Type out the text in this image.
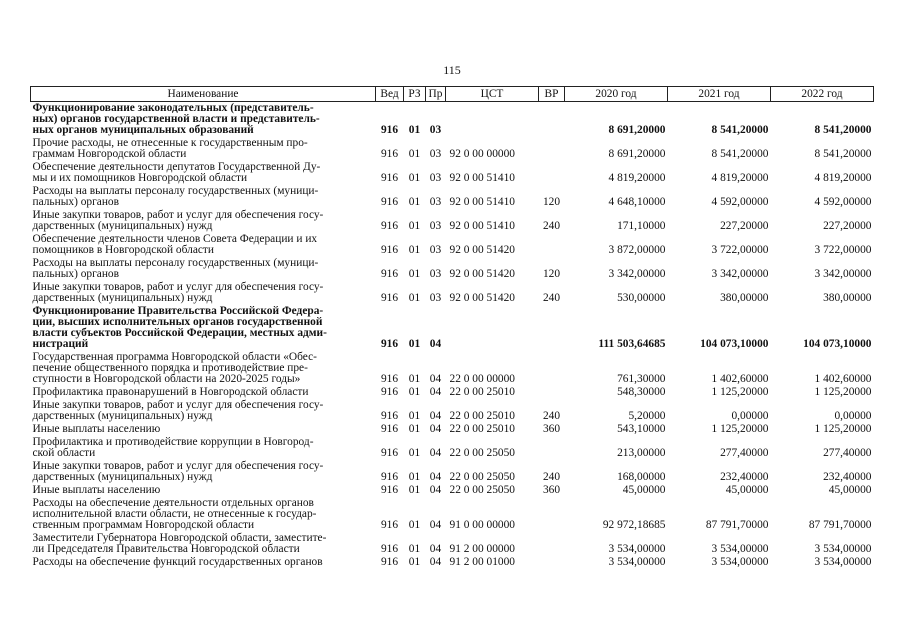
115
Наименование	Вед	РЗ	Пр	ЦСТ	ВР	2020 год	2021 год	2022 год
Функционирование законодательных (представитель-
ных) органов государственной власти и представитель-
ных органов муниципальных образований	916	01	03			8 691,20000	8 541,20000	8 541,20000
Прочие расходы, не отнесенные к государственным про-
граммам Новгородской области	916	01	03	92 0 00 00000		8 691,20000	8 541,20000	8 541,20000
Обеспечение деятельности депутатов Государственной Ду-
мы и их помощников Новгородской области	916	01	03	92 0 00 51410		4 819,20000	4 819,20000	4 819,20000
Расходы на выплаты персоналу государственных (муници-
пальных) органов	916	01	03	92 0 00 51410	120	4 648,10000	4 592,00000	4 592,00000
Иные закупки товаров, работ и услуг для обеспечения госу-
дарственных (муниципальных) нужд	916	01	03	92 0 00 51410	240	171,10000	227,20000	227,20000
Обеспечение деятельности членов Совета Федерации и их
помощников в Новгородской области	916	01	03	92 0 00 51420		3 872,00000	3 722,00000	3 722,00000
Расходы на выплаты персоналу государственных (муници-
пальных) органов	916	01	03	92 0 00 51420	120	3 342,00000	3 342,00000	3 342,00000
Иные закупки товаров, работ и услуг для обеспечения госу-
дарственных (муниципальных) нужд	916	01	03	92 0 00 51420	240	530,00000	380,00000	380,00000
Функционирование Правительства Российской Федера-
ции, высших исполнительных органов государственной
власти субъектов Российской Федерации, местных адми-
нистраций	916	01	04			111 503,64685	104 073,10000	104 073,10000
Государственная программа Новгородской области «Обес-
печение общественного порядка и противодействие пре-
ступности в Новгородской области на 2020-2025 годы»	916	01	04	22 0 00 00000		761,30000	1 402,60000	1 402,60000
Профилактика правонарушений в Новгородской области	916	01	04	22 0 00 25010		548,30000	1 125,20000	1 125,20000
Иные закупки товаров, работ и услуг для обеспечения госу-
дарственных (муниципальных) нужд	916	01	04	22 0 00 25010	240	5,20000	0,00000	0,00000
Иные выплаты населению	916	01	04	22 0 00 25010	360	543,10000	1 125,20000	1 125,20000
Профилактика и противодействие коррупции в Новгород-
ской области	916	01	04	22 0 00 25050		213,00000	277,40000	277,40000
Иные закупки товаров, работ и услуг для обеспечения госу-
дарственных (муниципальных) нужд	916	01	04	22 0 00 25050	240	168,00000	232,40000	232,40000
Иные выплаты населению	916	01	04	22 0 00 25050	360	45,00000	45,00000	45,00000
Расходы на обеспечение деятельности отдельных органов
исполнительной власти области, не отнесенные к государ-
ственным программам Новгородской области	916	01	04	91 0 00 00000		92 972,18685	87 791,70000	87 791,70000
Заместители Губернатора Новгородской области, заместите-
ли Председателя Правительства Новгородской области	916	01	04	91 2 00 00000		3 534,00000	3 534,00000	3 534,00000
Расходы на обеспечение функций государственных органов	916	01	04	91 2 00 01000		3 534,00000	3 534,00000	3 534,00000
